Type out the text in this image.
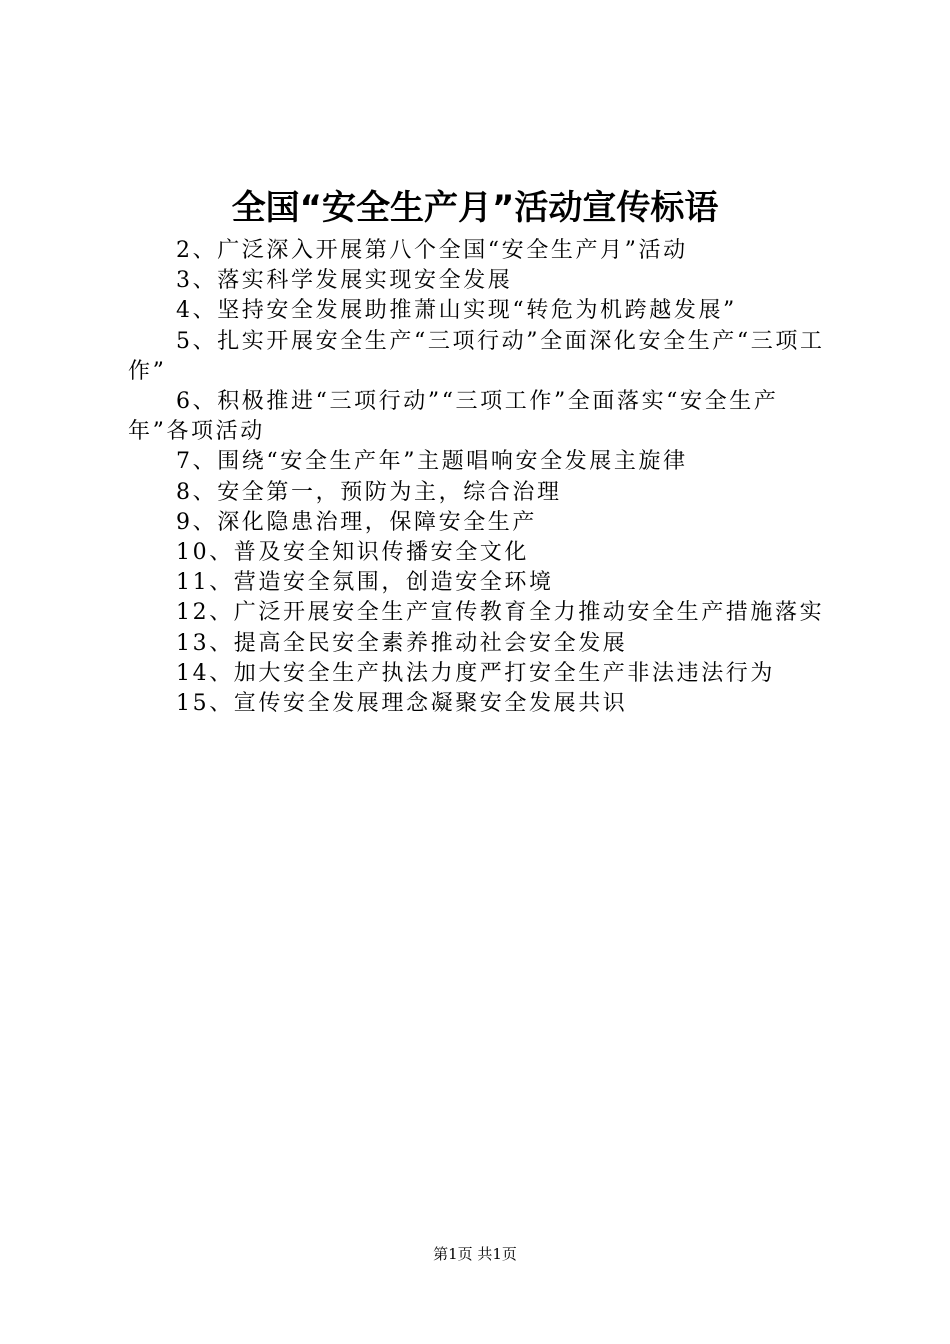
全国“安全生产月”活动宣传标语

2、广泛深入开展第八个全国“安全生产月”活动

3、落实科学发展实现安全发展

4、坚持安全发展助推萧山实现“转危为机跨越发展”

5、扎实开展安全生产“三项行动”全面深化安全生产“三项工作”

6、积极推进“三项行动”“三项工作”全面落实“安全生产年”各项活动

7、围绕“安全生产年”主题唱响安全发展主旋律

8、安全第一，预防为主，综合治理

9、深化隐患治理，保障安全生产

10、普及安全知识传播安全文化

11、营造安全氛围，创造安全环境

12、广泛开展安全生产宣传教育全力推动安全生产措施落实

13、提高全民安全素养推动社会安全发展

14、加大安全生产执法力度严打安全生产非法违法行为

15、宣传安全发展理念凝聚安全发展共识

第1页 共1页
